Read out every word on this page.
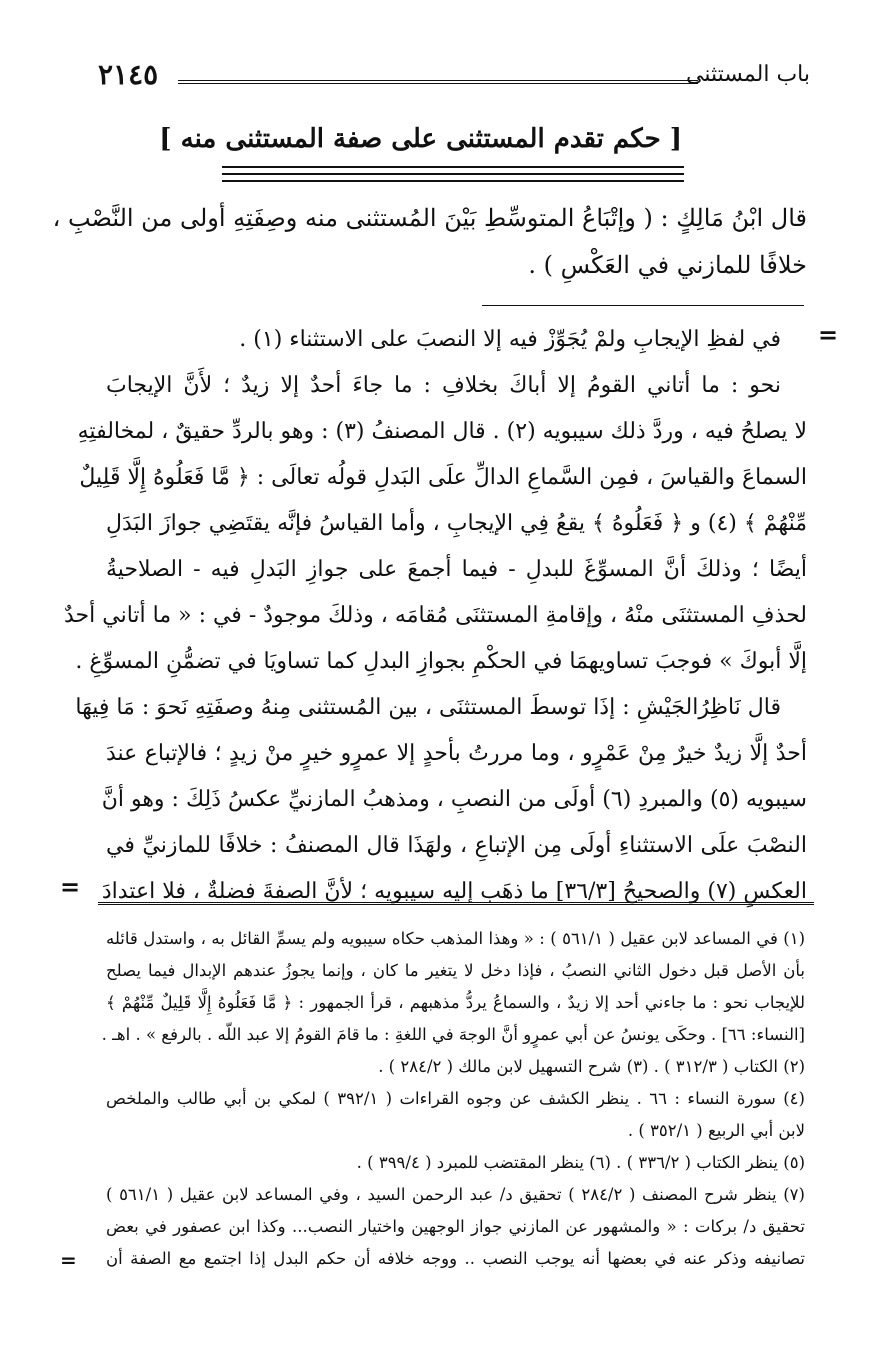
باب المستثنى
٢١٤٥
[ حكم تقدم المستثنى على صفة المستثنى منه ]
قال ابْنُ مَالِكٍ : ( وإتْبَاعُ المتوسِّطِ بَيْنَ المُستثنى منه وصِفَتِهِ أولى من النَّصْبِ ،
خلافًا للمازني في العَكْسِ ) .
=
في لفظِ الإيجابِ ولمْ يُجَوِّزْ فيه إلا النصبَ على الاستثناء (١) .
نحو : ما أتاني القومُ إلا أباكَ بخلافِ : ما جاءَ أحدٌ إلا زيدٌ ؛ لأَنَّ الإيجابَ
لا يصلحُ فيه ، وردَّ ذلك سيبويه (٢) . قال المصنفُ (٣) : وهو بالردِّ حقيقٌ ، لمخالفتِهِ
السماعَ والقياسَ ، فمِن السَّماعِ الدالِّ علَى البَدلِ قولُه تعالَى : ﴿ مَّا فَعَلُوهُ إِلَّا قَلِيلٌ
مِّنْهُمْ ﴾ (٤) و ﴿ فَعَلُوهُ ﴾ يقعُ فِي الإيجابِ ، وأما القياسُ فإنَّه يقتَضِي جوازَ البَدَلِ
أيضًا ؛ وذلكَ أنَّ المسوِّغَ للبدلِ - فيما أجمعَ على جوازِ البَدلِ فيه - الصلاحيةُ
لحذفِ المستثنَى منْهُ ، وإقامةِ المستثنَى مُقامَه ، وذلكَ موجودٌ - في : « ما أتاني أحدٌ
إلَّا أبوكَ » فوجبَ تساويهمَا في الحكْمِ بجوازِ البدلِ كما تساويَا في تضمُّنِ المسوِّغِ .
قال نَاظِرُالجَيْشِ : إذَا توسطَ المستثنَى ، بين المُستثنى مِنهُ وصفَتِهِ نَحوَ : مَا فِيهَا
أحدٌ إلَّا زيدٌ خيرٌ مِنْ عَمْرٍو ، وما مررتُ بأحدٍ إلا عمرٍو خيرٍ منْ زيدٍ ؛ فالإتباع عندَ
سيبويه (٥) والمبردِ (٦) أولَى من النصبِ ، ومذهبُ المازنيِّ عكسُ ذَلِكَ : وهو أنَّ
النصْبَ علَى الاستثناءِ أولَى مِن الإتباعِ ، ولهَذَا قال المصنفُ : خلافًا للمازنيِّ في
العكسِ (٧) والصحيحُ [٣٦/٣] ما ذهَب إليه سيبويه ؛ لأنَّ الصفةَ فضلةٌ ، فلا اعتدادَ
=
(١) في المساعد لابن عقيل ( ٥٦١/١ ) : « وهذا المذهب حكاه سيبويه ولم يسمِّ القائل به ، واستدل قائله
بأن الأصل قبل دخول الثاني النصبُ ، فإذا دخل لا يتغير ما كان ، وإنما يجوزُ عندهم الإبدال فيما يصلح
للإيجاب نحو : ما جاءني أحد إلا زيدٌ ، والسماعُ يردُّ مذهبهم ، قرأ الجمهور : ﴿ مَّا فَعَلُوهُ إِلَّا قَلِيلٌ مِّنْهُمْ ﴾
[النساء: ٦٦] . وحكَى يونسُ عن أبي عمرٍو أنَّ الوجهَ في اللغةِ : ما قامَ القومُ إلا عبد اللّه . بالرفع » . اهـ .
(٢) الكتاب ( ٣١٢/٣ ) . (٣) شرح التسهيل لابن مالك ( ٢٨٤/٢ ) .
(٤) سورة النساء : ٦٦ . ينظر الكشف عن وجوه القراءات ( ٣٩٢/١ ) لمكي بن أبي طالب والملخص
لابن أبي الربيع ( ٣٥٢/١ ) .
(٥) ينظر الكتاب ( ٣٣٦/٢ ) . (٦) ينظر المقتضب للمبرد ( ٣٩٩/٤ ) .
(٧) ينظر شرح المصنف ( ٢٨٤/٢ ) تحقيق د/ عبد الرحمن السيد ، وفي المساعد لابن عقيل ( ٥٦١/١ )
تحقيق د/ بركات : « والمشهور عن المازني جواز الوجهين واختيار النصب... وكذا ابن عصفور في بعض
تصانيفه وذكر عنه في بعضها أنه يوجب النصب .. ووجه خلافه أن حكم البدل إذا اجتمع مع الصفة أن
=
